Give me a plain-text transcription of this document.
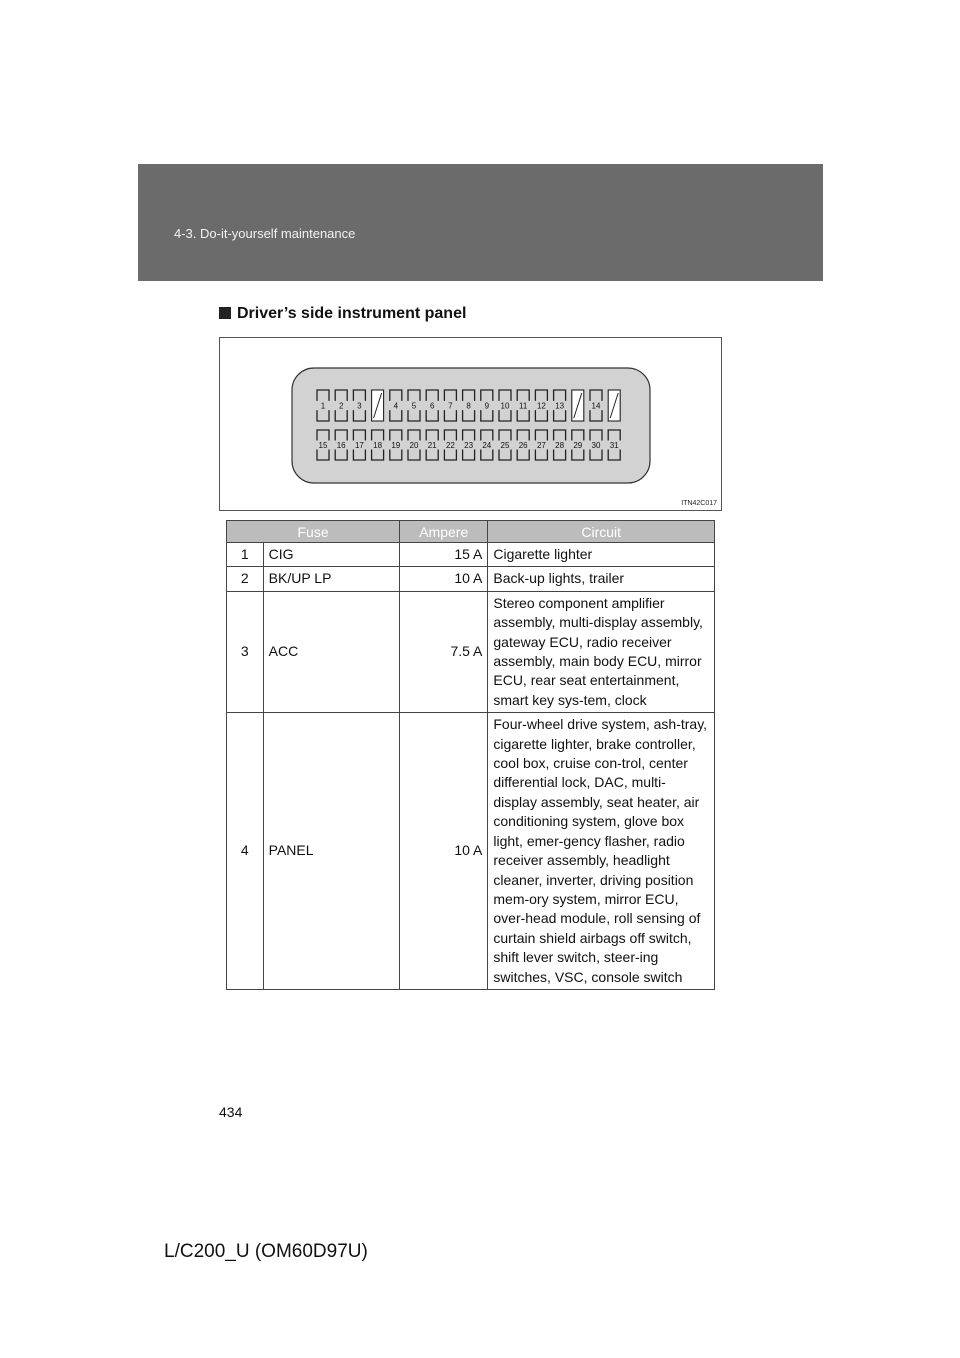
4-3. Do-it-yourself maintenance
Driver’s side instrument panel
1 2 3	4 5 6 7 8 9 10 11 12 13	14
15 16 17 18 19 20 21 22 23 24 25 26 27 28 29 30 31
ITN42C017
Fuse		Ampere	Circuit
1	CIG	15 A	Cigarette lighter
2	BK/UP LP	10 A	Back-up lights, trailer
3	ACC	7.5 A	Stereo component amplifier assembly, multi-display assembly, gateway ECU, radio receiver assembly, main body ECU, mirror ECU, rear seat entertainment, smart key sys-tem, clock
4	PANEL	10 A	Four-wheel drive system, ash-tray, cigarette lighter, brake controller, cool box, cruise con-trol, center differential lock, DAC, multi-display assembly, seat heater, air conditioning system, glove box light, emer-gency flasher, radio receiver assembly, headlight cleaner, inverter, driving position mem-ory system, mirror ECU, over-head module, roll sensing of curtain shield airbags off switch, shift lever switch, steer-ing switches, VSC, console switch
434
L/C200_U (OM60D97U)
